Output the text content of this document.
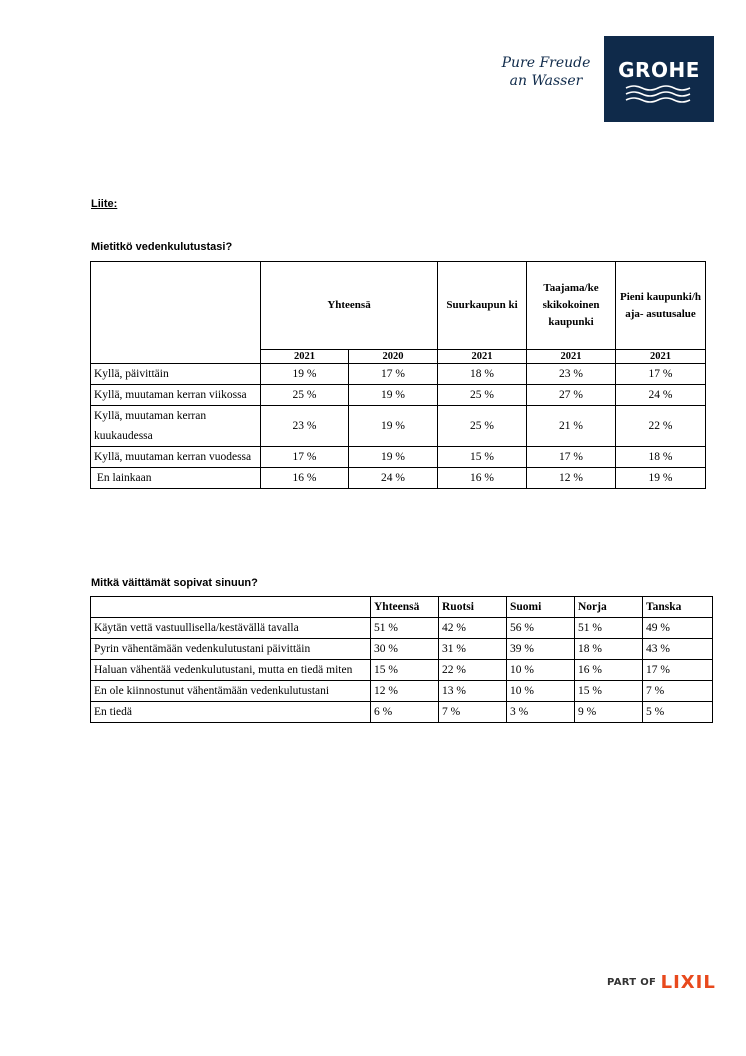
Pure Freude
an Wasser	GROHE
Liite:
Mietitkö vedenkulutustasi?
	Yhteensä		Suurkaupun ki	Taajama/ke skikokoinen kaupunki	Pieni kaupunki/h aja- asutusalue
	2021	2020	2021	2021	2021
Kyllä, päivittäin	19 %	17 %	18 %	23 %	17 %
Kyllä, muutaman kerran viikossa	25 %	19 %	25 %	27 %	24 %
Kyllä, muutaman kerran kuukaudessa	23 %	19 %	25 %	21 %	22 %
Kyllä, muutaman kerran vuodessa	17 %	19 %	15 %	17 %	18 %
En lainkaan	16 %	24 %	16 %	12 %	19 %
Mitkä väittämät sopivat sinuun?
	Yhteensä	Ruotsi	Suomi	Norja	Tanska
Käytän vettä vastuullisella/kestävällä tavalla	51 %	42 %	56 %	51 %	49 %
Pyrin vähentämään vedenkulutustani päivittäin	30 %	31 %	39 %	18 %	43 %
Haluan vähentää vedenkulutustani, mutta en tiedä miten	15 %	22 %	10 %	16 %	17 %
En ole kiinnostunut vähentämään vedenkulutustani	12 %	13 %	10 %	15 %	7 %
En tiedä	6 %	7 %	3 %	9 %	5 %
PART OF LIXIL
